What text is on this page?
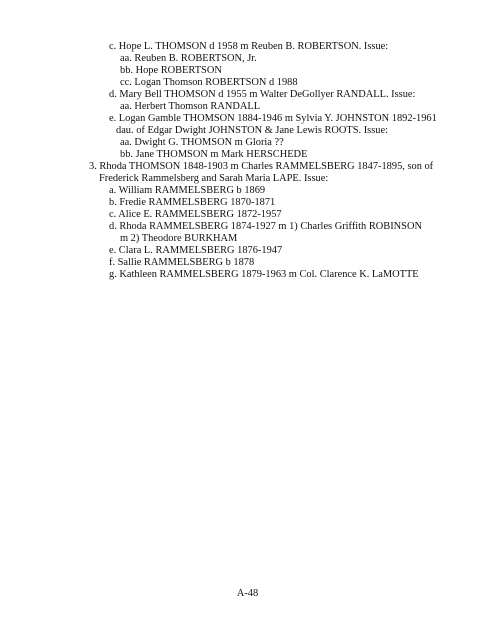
c. Hope L. THOMSON d 1958 m Reuben B. ROBERTSON. Issue:
aa. Reuben B. ROBERTSON, Jr.
bb. Hope ROBERTSON
cc. Logan Thomson ROBERTSON d 1988
d. Mary Bell THOMSON d 1955 m Walter DeGollyer RANDALL. Issue:
aa. Herbert Thomson RANDALL
e. Logan Gamble THOMSON 1884-1946 m Sylvia Y. JOHNSTON 1892-1961
dau. of Edgar Dwight JOHNSTON & Jane Lewis ROOTS. Issue:
aa. Dwight G. THOMSON m Gloria ??
bb. Jane THOMSON m Mark HERSCHEDE
3. Rhoda THOMSON 1848-1903 m Charles RAMMELSBERG 1847-1895, son of
Frederick Rammelsberg and Sarah Maria LAPE. Issue:
a. William RAMMELSBERG b 1869
b. Fredie RAMMELSBERG 1870-1871
c. Alice E. RAMMELSBERG 1872-1957
d. Rhoda RAMMELSBERG 1874-1927 m 1) Charles Griffith ROBINSON
m 2) Theodore BURKHAM
e. Clara L. RAMMELSBERG 1876-1947
f. Sallie RAMMELSBERG b 1878
g. Kathleen RAMMELSBERG 1879-1963 m Col. Clarence K. LaMOTTE
A-48
